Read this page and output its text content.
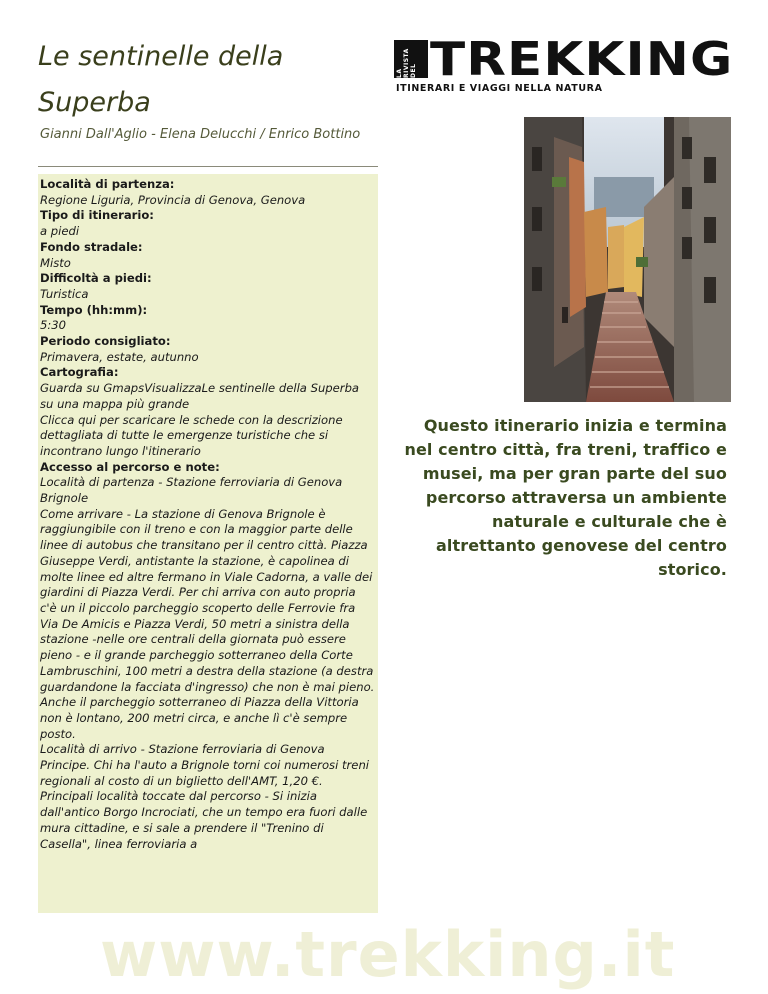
Le sentinelle della Superba
Gianni Dall'Aglio - Elena Delucchi / Enrico Bottino
Località di partenza:
Regione Liguria, Provincia di Genova, Genova
Tipo di itinerario:
a piedi
Fondo stradale:
Misto
Difficoltà a piedi:
Turistica
Tempo (hh:mm):
5:30
Periodo consigliato:
Primavera, estate, autunno
Cartografia:
Guarda su GmapsVisualizzaLe sentinelle della Superba su una mappa più grande
Clicca qui per scaricare le schede con la descrizione dettagliata di tutte le emergenze turistiche che si incontrano lungo l'itinerario
Accesso al percorso e note:
Località di partenza - Stazione ferroviaria di Genova Brignole
Come arrivare - La stazione di Genova Brignole è raggiungibile con il treno e con la maggior parte delle linee di autobus che transitano per il centro città. Piazza Giuseppe Verdi, antistante la stazione, è capolinea di molte linee ed altre fermano in Viale Cadorna, a valle dei giardini di Piazza Verdi. Per chi arriva con auto propria c'è un il piccolo parcheggio scoperto delle Ferrovie fra Via De Amicis e Piazza Verdi, 50 metri a sinistra della stazione -nelle ore centrali della giornata può essere pieno - e il grande parcheggio sotterraneo della Corte Lambruschini, 100 metri a destra della stazione (a destra guardandone la facciata d'ingresso) che non è mai pieno. Anche il parcheggio sotterraneo di Piazza della Vittoria non è lontano, 200 metri circa, e anche lì c'è sempre posto.
Località di arrivo - Stazione ferroviaria di Genova Principe. Chi ha l'auto a Brignole torni coi numerosi treni regionali al costo di un biglietto dell'AMT, 1,20 €.
Principali località toccate dal percorso - Si inizia dall'antico Borgo Incrociati, che un tempo era fuori dalle mura cittadine, e si sale a prendere il "Trenino di Casella", linea ferroviaria a
LA RIVISTA DEL TREKKING
ITINERARI E VIAGGI NELLA NATURA
Questo itinerario inizia e termina nel centro città, fra treni, traffico e musei, ma per gran parte del suo percorso attraversa un ambiente naturale e culturale che è altrettanto genovese del centro storico.
www.trekking.it
